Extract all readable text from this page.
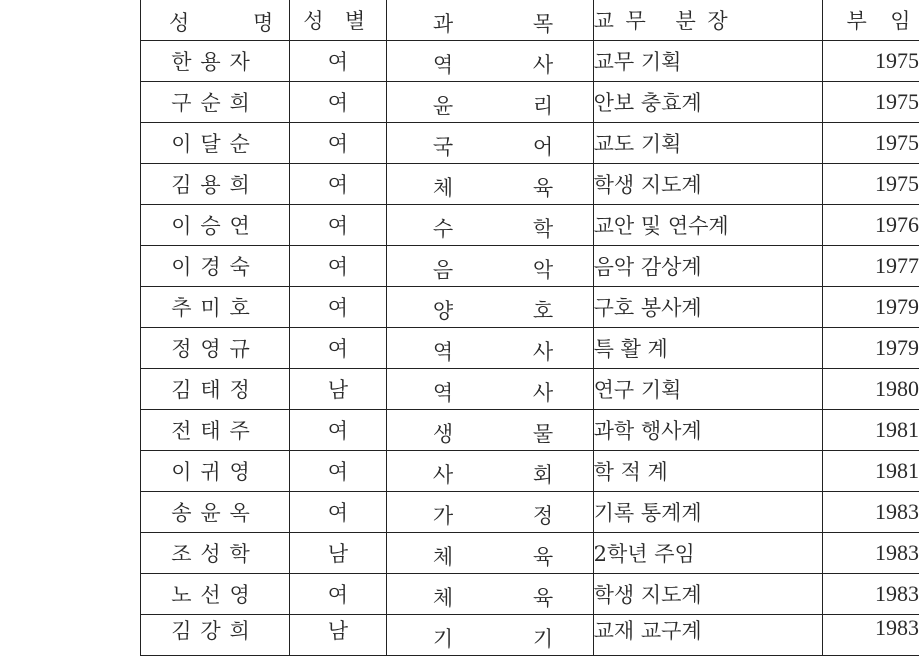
성 명	성 별	과 목	교무 분장	부 임
한용자	여	역 사	교무 기획	1975
구순희	여	윤 리	안보 충효계	1975
이달순	여	국 어	교도 기획	1975
김용희	여	체 육	학생 지도계	1975
이승연	여	수 학	교안 및 연수계	1976
이경숙	여	음 악	음악 감상계	1977
추미호	여	양 호	구호 봉사계	1979
정영규	여	역 사	특 활 계	1979
김태정	남	역 사	연구 기획	1980
전태주	여	생 물	과학 행사계	1981
이귀영	여	사 회	학 적 계	1981
송윤옥	여	가 정	기록 통계계	1983
조성학	남	체 육	2학년 주임	1983
노선영	여	체 육	학생 지도계	1983
김강희	남	기 기	교재 교구계	1983
